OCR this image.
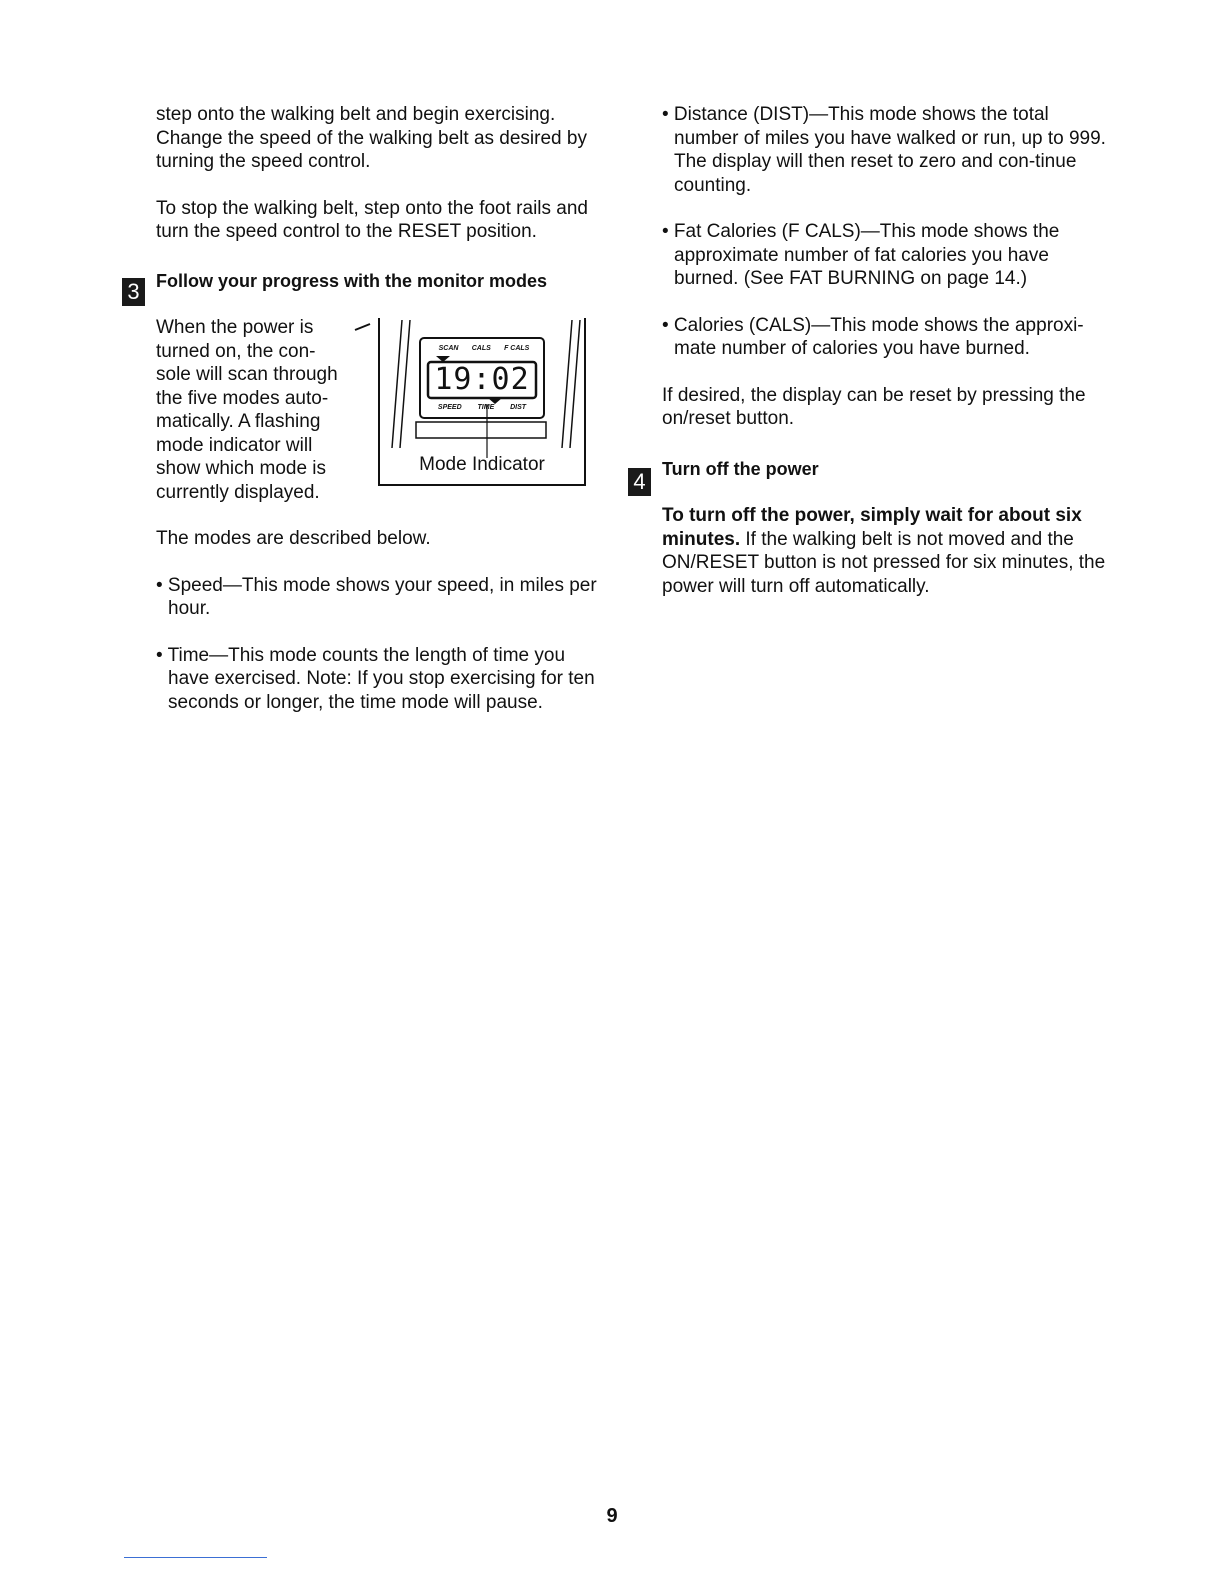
step onto the walking belt and begin exercising. Change the speed of the walking belt as desired by turning the speed control.

To stop the walking belt, step onto the foot rails and turn the speed control to the RESET position.

3 Follow your progress with the monitor modes

When the power is

turned on, the con-

sole will scan through

the five modes auto-

matically. A flashing

mode indicator will

show which mode is

currently displayed.

SCAN CALS F CALS
19:02
SPEED TIME DIST
Mode Indicator

The modes are described below.

• Speed—This mode shows your speed, in miles per hour.

• Time—This mode counts the length of time you have exercised. Note: If you stop exercising for ten seconds or longer, the time mode will pause.

• Distance (DIST)—This mode shows the total number of miles you have walked or run, up to 999. The display will then reset to zero and con-tinue counting.

• Fat Calories (F CALS)—This mode shows the approximate number of fat calories you have burned. (See FAT BURNING on page 14.)

• Calories (CALS)—This mode shows the approxi-mate number of calories you have burned.

If desired, the display can be reset by pressing the on/reset button.

4 Turn off the power

To turn off the power, simply wait for about six minutes. If the walking belt is not moved and the ON/RESET button is not pressed for six minutes, the power will turn off automatically.

9
